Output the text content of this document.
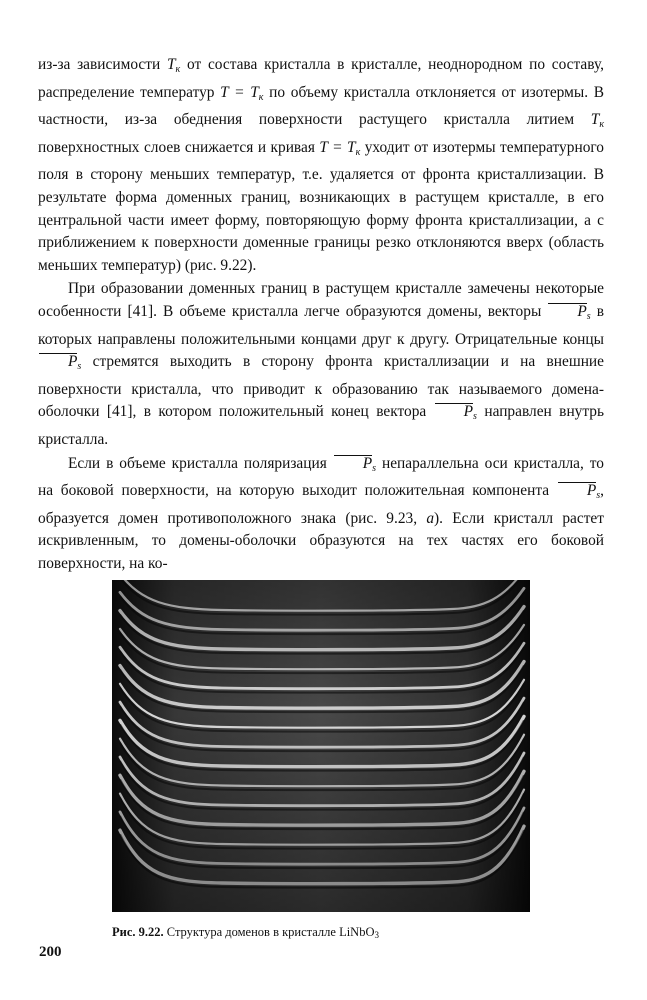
из-за зависимости $T_к$ от состава кристалла в кристалле, неоднородном по составу, распределение температур $T = T_к$ по объему кристалла отклоняется от изотермы. В частности, из-за обеднения поверхности растущего кристалла литием $T_к$ поверхностных слоев снижается и кривая $T = T_к$ уходит от изотермы температурного поля в сторону меньших температур, т.е. удаляется от фронта кристаллизации. В результате форма доменных границ, возникающих в растущем кристалле, в его центральной части имеет форму, повторяющую форму фронта кристаллизации, а с приближением к поверхности доменные границы резко отклоняются вверх (область меньших температур) (рис. 9.22).

При образовании доменных границ в растущем кристалле замечены некоторые особенности [41]. В объеме кристалла легче образуются домены, векторы $P_s$ в которых направлены положительными концами друг к другу. Отрицательные концы $P_s$ стремятся выходить в сторону фронта кристаллизации и на внешние поверхности кристалла, что приводит к образованию так называемого домена-оболочки [41], в котором положительный конец вектора $P_s$ направлен внутрь кристалла.

Если в объеме кристалла поляризация $P_s$ непараллельна оси кристалла, то на боковой поверхности, на которую выходит положительная компонента $P_s$, образуется домен противоположного знака (рис. 9.23, а). Если кристалл растет искривленным, то домены-оболочки образуются на тех частях его боковой поверхности, на ко-

Рис. 9.22. Структура доменов в кристалле LiNbO$_3$
200
